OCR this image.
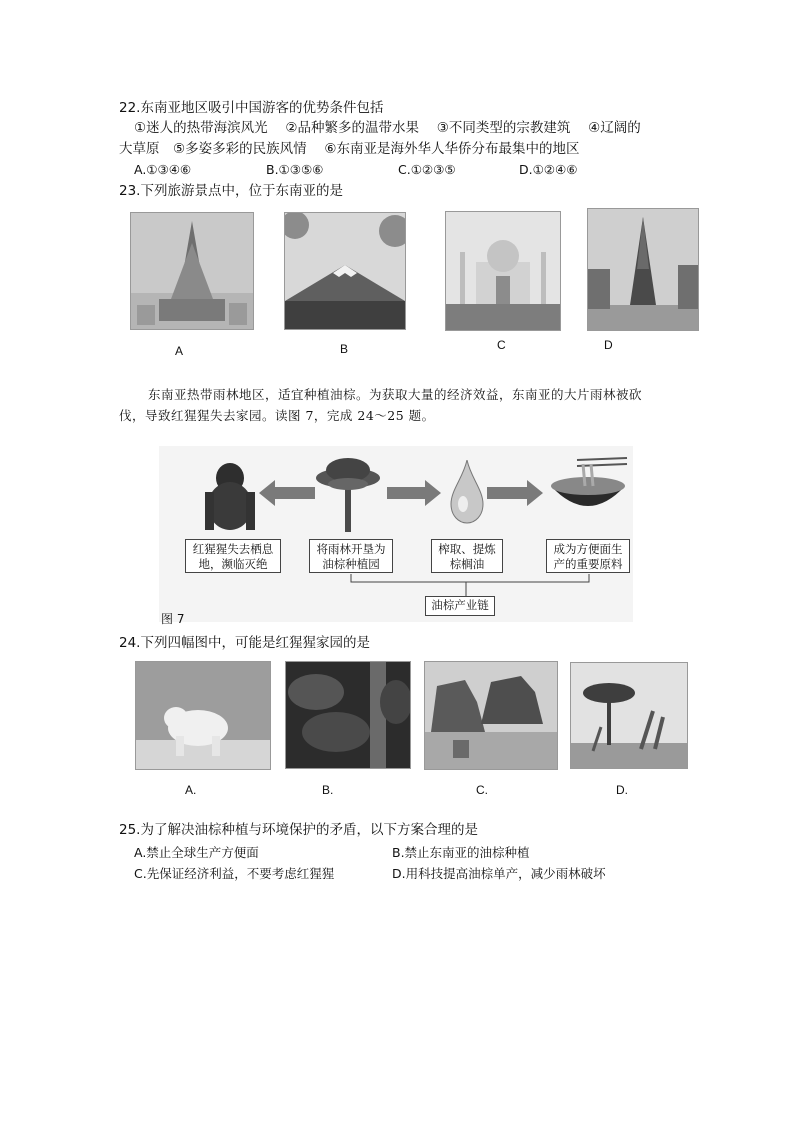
22.东南亚地区吸引中国游客的优势条件包括
①迷人的热带海滨风光　 ②品种繁多的温带水果　 ③不同类型的宗教建筑　 ④辽阔的
大草原　⑤多姿多彩的民族风情　 ⑥东南亚是海外华人华侨分布最集中的地区
A.①③④⑥	B.①③⑤⑥	C.①②③⑤	D.①②④⑥
23.下列旅游景点中，位于东南亚的是
A	B	C	D
东南亚热带雨林地区，适宜种植油棕。为获取大量的经济效益，东南亚的大片雨林被砍
伐，导致红猩猩失去家园。读图 7，完成 24～25 题。
红猩猩失去栖息地，濒临灭绝
将雨林开垦为油棕种植园
榨取、提炼棕榈油
成为方便面生产的重要原料
油棕产业链
图 7
24.下列四幅图中，可能是红猩猩家园的是
A.	B.	C.	D.
25.为了解决油棕种植与环境保护的矛盾，以下方案合理的是
A.禁止全球生产方便面	B.禁止东南亚的油棕种植
C.先保证经济利益，不要考虑红猩猩	D.用科技提高油棕单产，减少雨林破坏
